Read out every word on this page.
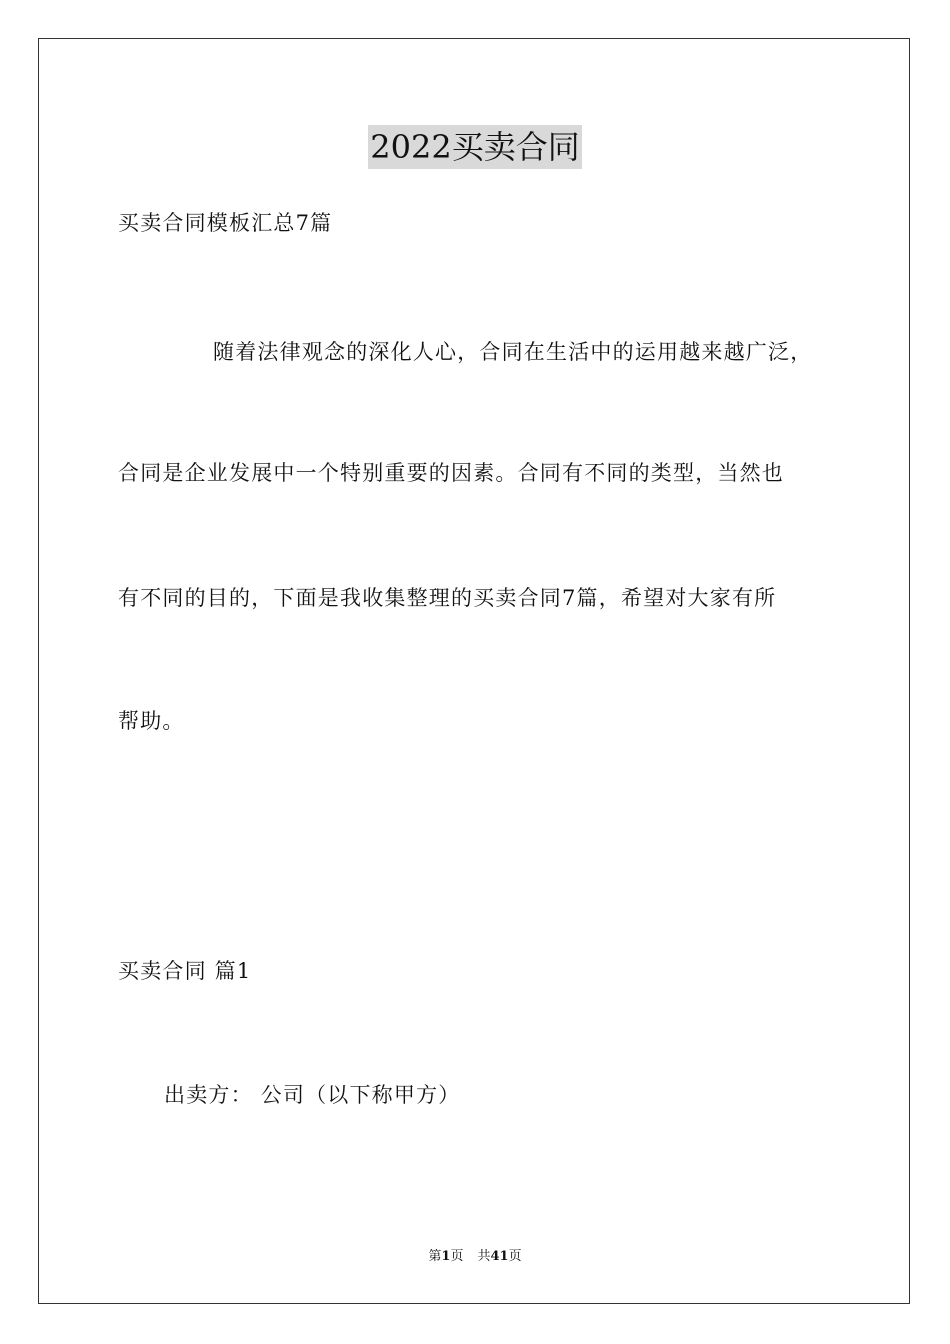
2022买卖合同
买卖合同模板汇总7篇
随着法律观念的深化人心，合同在生活中的运用越来越广泛，
合同是企业发展中一个特别重要的因素。合同有不同的类型，当然也
有不同的目的，下面是我收集整理的买卖合同7篇，希望对大家有所
帮助。
买卖合同 篇1
出卖方： 公司（以下称甲方）
第1页 共41页
